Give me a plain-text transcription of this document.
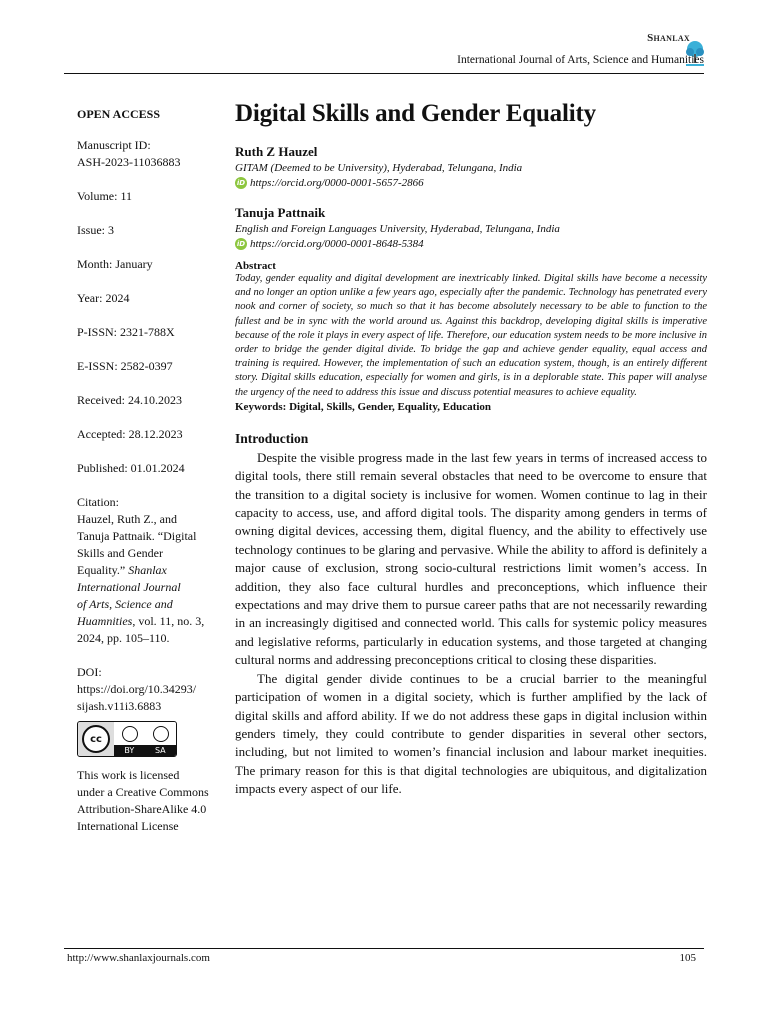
Shanlax
International Journal of Arts, Science and Humanities
OPEN ACCESS
Manuscript ID:
ASH-2023-11036883
Volume: 11
Issue: 3
Month: January
Year: 2024
P-ISSN: 2321-788X
E-ISSN: 2582-0397
Received: 24.10.2023
Accepted: 28.12.2023
Published: 01.01.2024
Citation:
Hauzel, Ruth Z., and
Tanuja Pattnaik. “Digital
Skills and Gender
Equality.” Shanlax
International Journal
of Arts, Science and
Huamnities, vol. 11, no. 3, 2024, pp. 105–110.
DOI:
https://doi.org/10.34293/
sijash.v11i3.6883
cc
BY	SA
This work is licensed
under a Creative Commons
Attribution-ShareAlike 4.0
International License
Digital Skills and Gender Equality

Ruth Z Hauzel

GITAM (Deemed to be University), Hyderabad, Telungana, India

iD https://orcid.org/0000-0001-5657-2866

Tanuja Pattnaik

English and Foreign Languages University, Hyderabad, Telungana, India

iD https://orcid.org/0000-0001-8648-5384

Abstract

Today, gender equality and digital development are inextricably linked. Digital skills have become a necessity and no longer an option unlike a few years ago, especially after the pandemic. Technology has penetrated every nook and corner of society, so much so that it has become absolutely necessary to be able to function to the fullest and be in sync with the world around us. Against this backdrop, developing digital skills is imperative because of the role it plays in every aspect of life. Therefore, our education system needs to be more inclusive in order to bridge the gender digital divide. To bridge the gap and achieve gender equality, equal access and training is required. However, the implementation of such an education system, though, is an entirely different story. Digital skills education, especially for women and girls, is in a deplorable state. This paper will analyse the urgency of the need to address this issue and discuss potential measures to achieve equality.

Keywords: Digital, Skills, Gender, Equality, Education

Introduction

Despite the visible progress made in the last few years in terms of increased access to digital tools, there still remain several obstacles that need to be overcome to ensure that the transition to a digital society is inclusive for women. Women continue to lag in their capacity to access, use, and afford digital tools. The disparity among genders in terms of owning digital devices, accessing them, digital fluency, and the ability to effectively use technology continues to be glaring and pervasive. While the ability to afford is definitely a major cause of exclusion, strong socio-cultural restrictions limit women’s access. In addition, they also face cultural hurdles and preconceptions, which influence their expectations and may drive them to pursue career paths that are not necessarily rewarding in an increasingly digitised and connected world. This calls for systemic policy measures and legislative reforms, particularly in education systems, and those targeted at changing cultural norms and addressing preconceptions critical to closing these disparities.

The digital gender divide continues to be a crucial barrier to the meaningful participation of women in a digital society, which is further amplified by the lack of digital skills and afford ability. If we do not address these gaps in digital inclusion within genders timely, they could contribute to gender disparities in several other sectors, including, but not limited to women’s financial inclusion and labour market inequities. The primary reason for this is that digital technologies are ubiquitous, and digitalization impacts every aspect of our life.

http://www.shanlaxjournals.com	105
